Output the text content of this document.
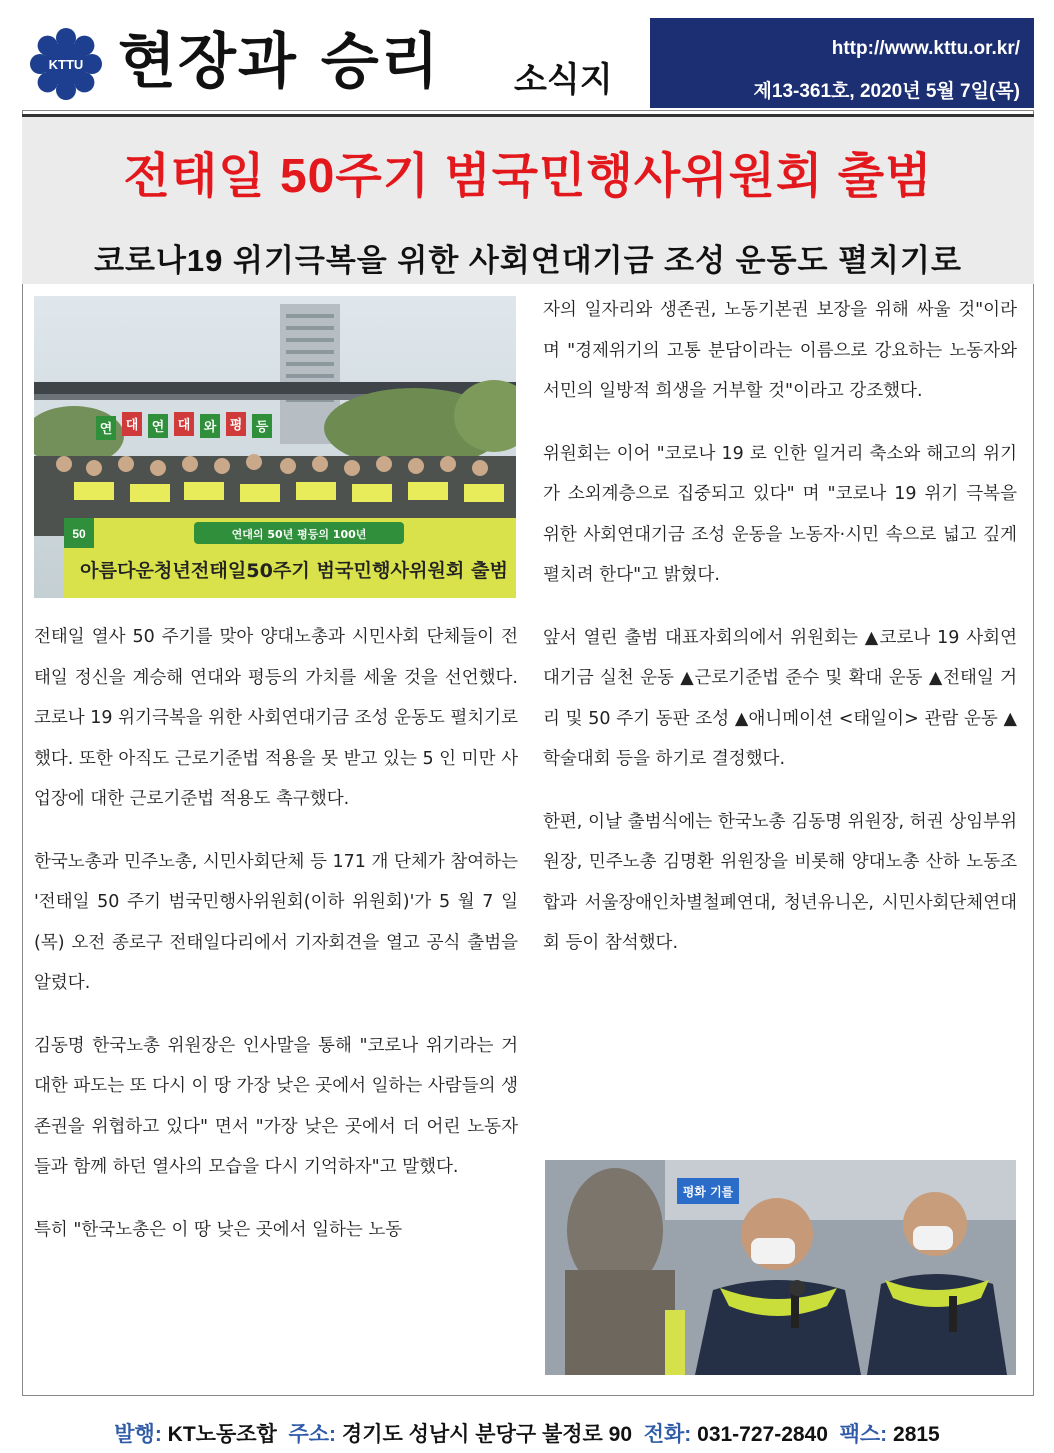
KTTU 현장과 승리 소식지
http://www.kttu.or.kr/
제13-361호, 2020년 5월 7일(목)
전태일 50주기 범국민행사위원회 출범
코로나19 위기극복을 위한 사회연대기금 조성 운동도 펼치기로
연 대 연 대 와 평 등
50	연대의 50년 평등의 100년
아름다운청년전태일50주기 범국민행사위원회 출범

전태일 열사 50 주기를 맞아 양대노총과 시민사회 단체들이 전태일 정신을 계승해 연대와 평등의 가치를 세울 것을 선언했다. 코로나 19 위기극복을 위한 사회연대기금 조성 운동도 펼치기로 했다. 또한 아직도 근로기준법 적용을 못 받고 있는 5 인 미만 사업장에 대한 근로기준법 적용도 촉구했다.

한국노총과 민주노총, 시민사회단체 등 171 개 단체가 참여하는 '전태일 50 주기 범국민행사위원회(이하 위원회)'가 5 월 7 일(목) 오전 종로구 전태일다리에서 기자회견을 열고 공식 출범을 알렸다.

김동명 한국노총 위원장은 인사말을 통해 "코로나 위기라는 거대한 파도는 또 다시 이 땅 가장 낮은 곳에서 일하는 사람들의 생존권을 위협하고 있다" 면서 "가장 낮은 곳에서 더 어린 노동자들과 함께 하던 열사의 모습을 다시 기억하자"고 말했다.

특히 "한국노총은 이 땅 낮은 곳에서 일하는 노동

자의 일자리와 생존권, 노동기본권 보장을 위해 싸울 것"이라며 "경제위기의 고통 분담이라는 이름으로 강요하는 노동자와 서민의 일방적 희생을 거부할 것"이라고 강조했다.

위원회는 이어 "코로나 19 로 인한 일거리 축소와 해고의 위기가 소외계층으로 집중되고 있다" 며 "코로나 19 위기 극복을 위한 사회연대기금 조성 운동을 노동자·시민 속으로 넓고 깊게 펼치려 한다"고 밝혔다.

앞서 열린 출범 대표자회의에서 위원회는 ▲코로나 19 사회연대기금 실천 운동 ▲근로기준법 준수 및 확대 운동 ▲전태일 거리 및 50 주기 동판 조성 ▲애니메이션 <태일이> 관람 운동 ▲학술대회 등을 하기로 결정했다.

한편, 이날 출범식에는 한국노총 김동명 위원장, 허권 상임부위원장, 민주노총 김명환 위원장을 비롯해 양대노총 산하 노동조합과 서울장애인차별철폐연대, 청년유니온, 시민사회단체연대회 등이 참석했다.

평화 기를
발행: KT노동조합 주소: 경기도 성남시 분당구 불정로 90 전화: 031-727-2840 팩스: 2815
